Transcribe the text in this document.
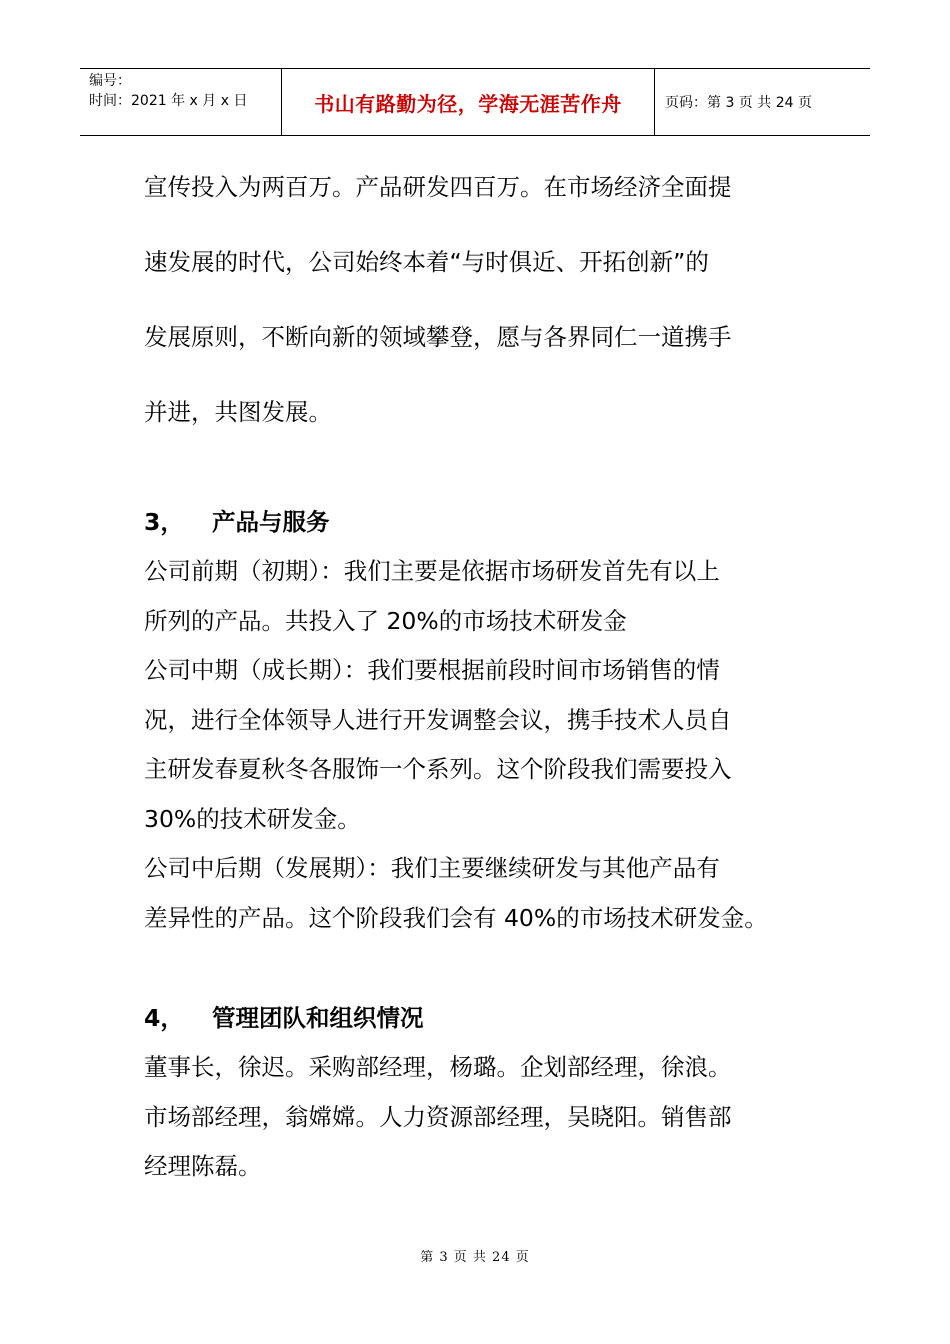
编号：
时间：2021 年 x 月 x 日	书山有路勤为径，学海无涯苦作舟	页码：第 3 页 共 24 页

宣传投入为两百万。产品研发四百万。在市场经济全面提

速发展的时代，公司始终本着“与时俱近、开拓创新”的

发展原则，不断向新的领域攀登，愿与各界同仁一道携手

并进，共图发展。

3， 产品与服务

公司前期（初期）：我们主要是依据市场研发首先有以上

所列的产品。共投入了 20%的市场技术研发金

公司中期（成长期）：我们要根据前段时间市场销售的情

况，进行全体领导人进行开发调整会议，携手技术人员自

主研发春夏秋冬各服饰一个系列。这个阶段我们需要投入

30%的技术研发金。

公司中后期（发展期）：我们主要继续研发与其他产品有

差异性的产品。这个阶段我们会有 40%的市场技术研发金。

4， 管理团队和组织情况

董事长，徐迟。采购部经理，杨璐。企划部经理，徐浪。

市场部经理，翁嫦嫦。人力资源部经理，吴晓阳。销售部

经理陈磊。

第 3 页 共 24 页
